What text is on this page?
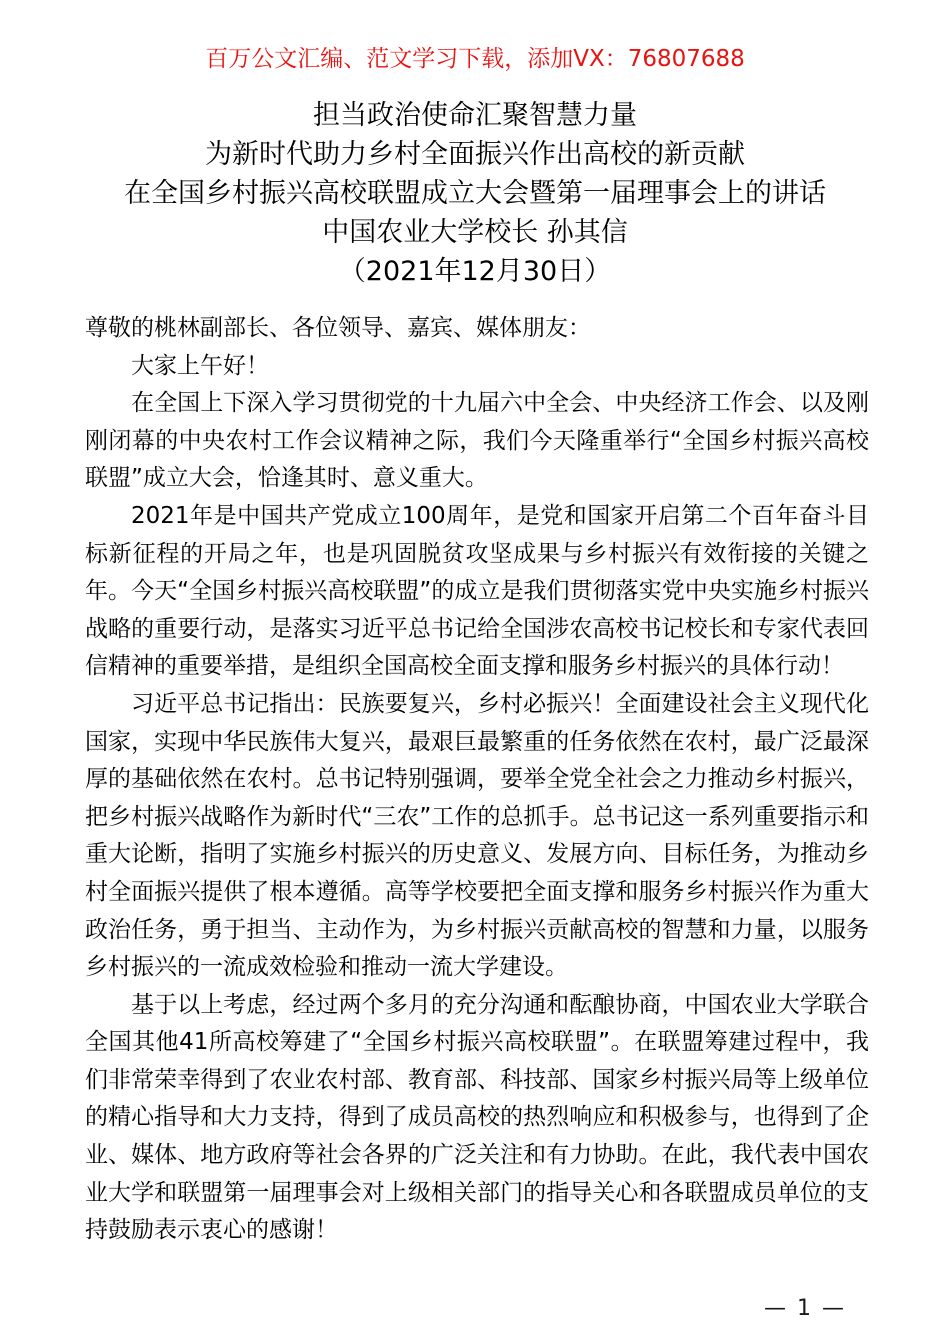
百万公文汇编、范文学习下载，添加VX：76807688
担当政治使命汇聚智慧力量
为新时代助力乡村全面振兴作出高校的新贡献
在全国乡村振兴高校联盟成立大会暨第一届理事会上的讲话
中国农业大学校长 孙其信
（2021年12月30日）

尊敬的桃林副部长、各位领导、嘉宾、媒体朋友：

大家上午好！

在全国上下深入学习贯彻党的十九届六中全会、中央经济工作会、以及刚刚闭幕的中央农村工作会议精神之际，我们今天隆重举行“全国乡村振兴高校联盟”成立大会，恰逢其时、意义重大。

2021年是中国共产党成立100周年，是党和国家开启第二个百年奋斗目标新征程的开局之年，也是巩固脱贫攻坚成果与乡村振兴有效衔接的关键之年。今天“全国乡村振兴高校联盟”的成立是我们贯彻落实党中央实施乡村振兴战略的重要行动，是落实习近平总书记给全国涉农高校书记校长和专家代表回信精神的重要举措，是组织全国高校全面支撑和服务乡村振兴的具体行动！

习近平总书记指出：民族要复兴，乡村必振兴！全面建设社会主义现代化国家，实现中华民族伟大复兴，最艰巨最繁重的任务依然在农村，最广泛最深厚的基础依然在农村。总书记特别强调，要举全党全社会之力推动乡村振兴，把乡村振兴战略作为新时代“三农”工作的总抓手。总书记这一系列重要指示和重大论断，指明了实施乡村振兴的历史意义、发展方向、目标任务，为推动乡村全面振兴提供了根本遵循。高等学校要把全面支撑和服务乡村振兴作为重大政治任务，勇于担当、主动作为，为乡村振兴贡献高校的智慧和力量，以服务乡村振兴的一流成效检验和推动一流大学建设。

基于以上考虑，经过两个多月的充分沟通和酝酿协商，中国农业大学联合全国其他41所高校筹建了“全国乡村振兴高校联盟”。在联盟筹建过程中，我们非常荣幸得到了农业农村部、教育部、科技部、国家乡村振兴局等上级单位的精心指导和大力支持，得到了成员高校的热烈响应和积极参与，也得到了企业、媒体、地方政府等社会各界的广泛关注和有力协助。在此，我代表中国农业大学和联盟第一届理事会对上级相关部门的指导关心和各联盟成员单位的支持鼓励表示衷心的感谢！

— 1 —
